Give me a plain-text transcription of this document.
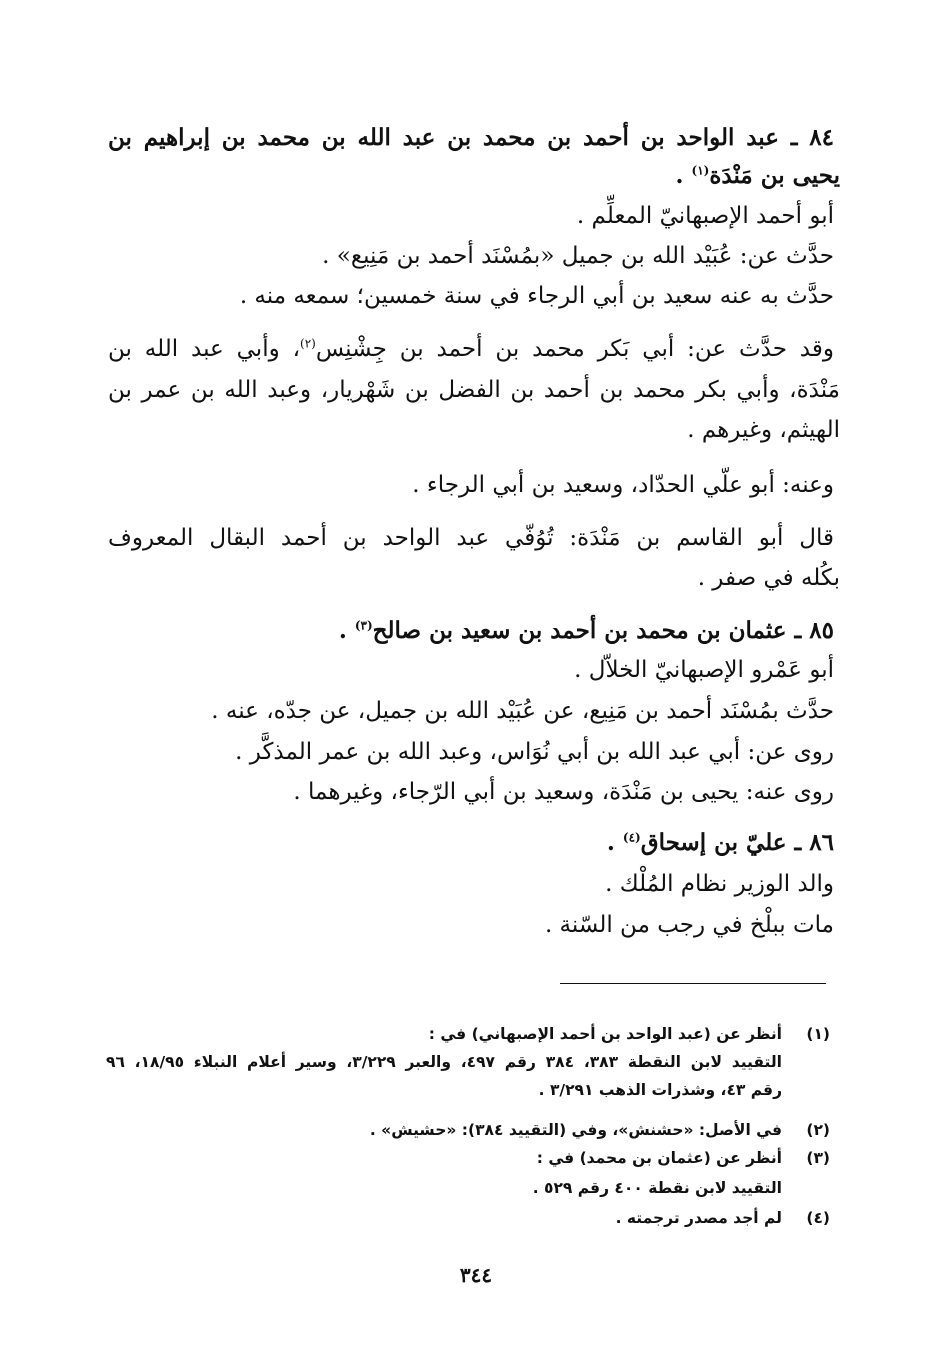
٨٤ ـ عبد الواحد بن أحمد بن محمد بن عبد الله بن محمد بن إبراهيم بن
يحيى بن مَنْدَة$^{(١)}$ .
أبو أحمد الإصبهانيّ المعلِّم .
حدَّث عن: عُبَيْد الله بن جميل «بمُسْنَد أحمد بن مَنِيع» .
حدَّث به عنه سعيد بن أبي الرجاء في سنة خمسين؛ سمعه منه .
وقد حدَّث عن: أبي بَكر محمد بن أحمد بن جِشْنِس$^{(٢)}$، وأبي عبد الله بن
مَنْدَة، وأبي بكر محمد بن أحمد بن الفضل بن شَهْريار، وعبد الله بن عمر بن
الهيثم، وغيرهم .
وعنه: أبو علّي الحدّاد، وسعيد بن أبي الرجاء .
قال أبو القاسم بن مَنْدَة: تُوُفّي عبد الواحد بن أحمد البقال المعروف
بكُله في صفر .
٨٥ ـ عثمان بن محمد بن أحمد بن سعيد بن صالح$^{(٣)}$ .
أبو عَمْرو الإصبهانيّ الخلاّل .
حدَّث بمُسْنَد أحمد بن مَنِيع، عن عُبَيْد الله بن جميل، عن جدّه، عنه .
روى عن: أبي عبد الله بن أبي نُوَاس، وعبد الله بن عمر المذكَّر .
روى عنه: يحيى بن مَنْدَة، وسعيد بن أبي الرّجاء، وغيرهما .
٨٦ ـ عليّ بن إسحاق$^{(٤)}$ .
والد الوزير نظام المُلْك .
مات ببلْخ في رجب من السّنة .
(١)
أنظر عن (عبد الواحد بن أحمد الإصبهاني) في :
التقييد لابن النقطة ٣٨٣، ٣٨٤ رقم ٤٩٧، والعبر ٣/٢٢٩، وسير أعلام النبلاء ١٨/٩٥، ٩٦
رقم ٤٣، وشذرات الذهب ٣/٢٩١ .
(٢)
في الأصل: «حشنش»، وفي (التقييد ٣٨٤): «حشيش» .
(٣)
أنظر عن (عثمان بن محمد) في :
التقييد لابن نقطة ٤٠٠ رقم ٥٢٩ .
(٤)
لم أجد مصدر ترجمته .
٣٤٤
